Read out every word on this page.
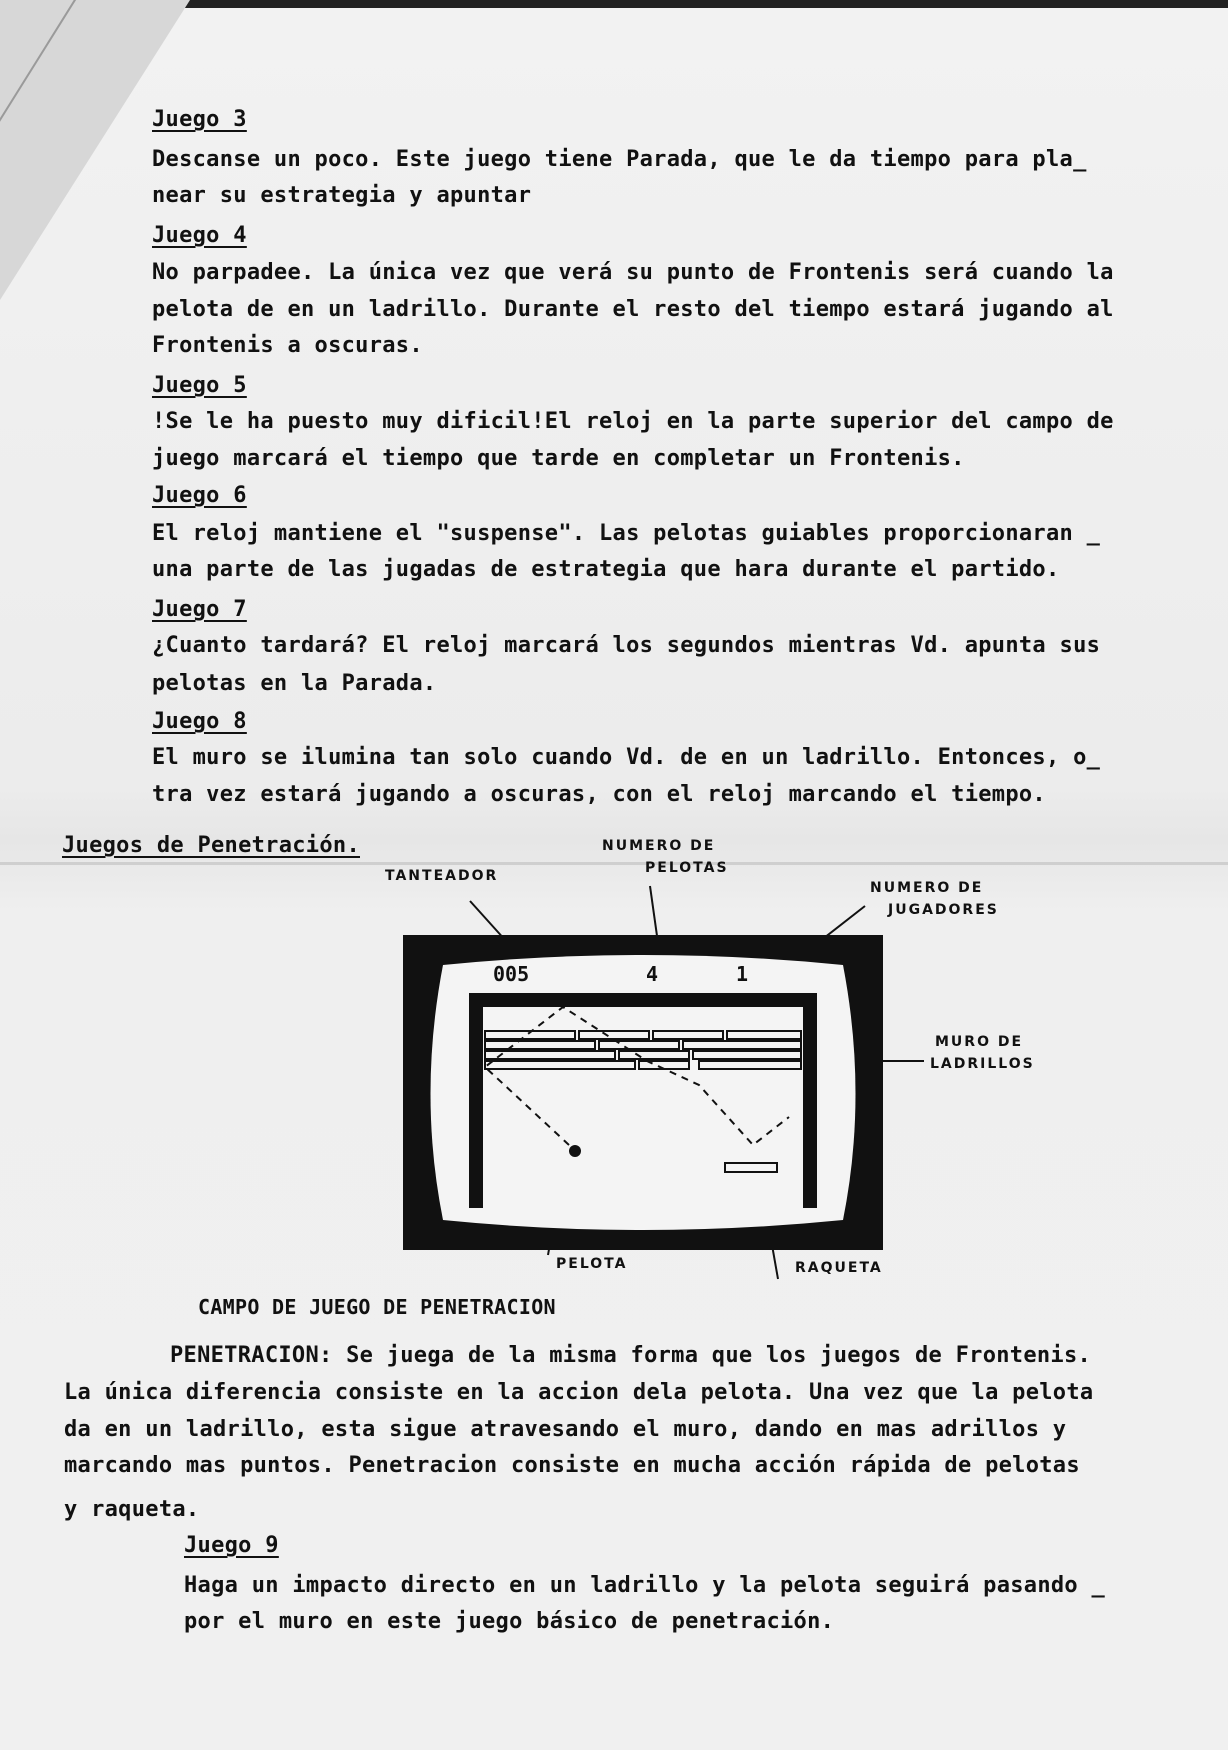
Juego 3

Descanse un poco. Este juego tiene Parada, que le da tiempo para pla_

near su estrategia y apuntar

Juego 4

No parpadee. La única vez que verá su punto de Frontenis será cuando la

pelota de en un ladrillo. Durante el resto del tiempo estará jugando al

Frontenis a oscuras.

Juego 5

!Se le ha puesto muy dificil!El reloj en la parte superior del campo de

juego marcará el tiempo que tarde en completar un Frontenis.

Juego 6

El reloj mantiene el "suspense". Las pelotas guiables proporcionaran _

una parte de las jugadas de estrategia que hara durante el partido.

Juego 7

¿Cuanto tardará? El reloj marcará los segundos mientras Vd. apunta sus

pelotas en la Parada.

Juego 8

El muro se ilumina tan solo cuando Vd. de en un ladrillo. Entonces, o_

tra vez estará jugando a oscuras, con el reloj marcando el tiempo.

Juegos de Penetración.

TANTEADOR

NUMERO DE

PELOTAS

NUMERO DE

JUGADORES

MURO DE

LADRILLOS

PELOTA	RAQUETA

005	4	1

CAMPO DE JUEGO DE PENETRACION

PENETRACION: Se juega de la misma forma que los juegos de Frontenis.

La única diferencia consiste en la accion dela pelota. Una vez que la pelota

da en un ladrillo, esta sigue atravesando el muro, dando en mas adrillos y

marcando mas puntos. Penetracion consiste en mucha acción rápida de pelotas

y raqueta.

Juego 9

Haga un impacto directo en un ladrillo y la pelota seguirá pasando _

por el muro en este juego básico de penetración.
